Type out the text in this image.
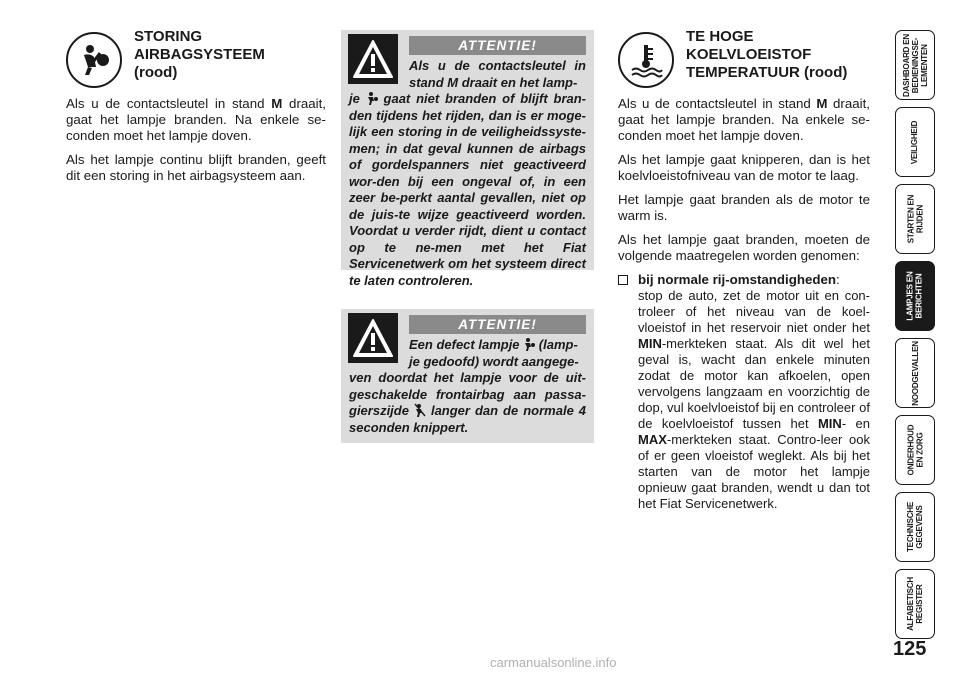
STORING
AIRBAGSYSTEEM
(rood)

Als u de contactsleutel in stand M draait, gaat het lampje branden. Na enkele se-conden moet het lampje doven.

Als het lampje continu blijft branden, geeft dit een storing in het airbagsysteem aan.

ATTENTIE!
Als u de contactsleutel in stand M draait en het lamp-
je  gaat niet branden of blijft bran-den tijdens het rijden, dan is er moge-lijk een storing in de veiligheidssyste-men; in dat geval kunnen de airbags of gordelspanners niet geactiveerd wor-den bij een ongeval of, in een zeer be-perkt aantal gevallen, niet op de juis-te wijze geactiveerd worden. Voordat u verder rijdt, dient u contact op te ne-men met het Fiat Servicenetwerk om het systeem direct te laten controleren.
ATTENTIE!
Een defect lampje  (lamp-
je gedoofd) wordt aangege-
ven doordat het lampje voor de uit-geschakelde frontairbag aan passa-gierszijde  langer dan de normale 4 seconden knippert.
TE HOGE
KOELVLOEISTOF
TEMPERATUUR (rood)

Als u de contactsleutel in stand M draait, gaat het lampje branden. Na enkele se-conden moet het lampje doven.

Als het lampje gaat knipperen, dan is het koelvloeistofniveau van de motor te laag.

Het lampje gaat branden als de motor te warm is.

Als het lampje gaat branden, moeten de volgende maatregelen worden genomen:

bij normale rij-omstandigheden:
stop de auto, zet de motor uit en con-troleer of het niveau van de koel-vloeistof in het reservoir niet onder het MIN-merkteken staat. Als dit wel het geval is, wacht dan enkele minuten zodat de motor kan afkoelen, open vervolgens langzaam en voorzichtig de dop, vul koelvloeistof bij en controleer of de koelvloeistof tussen het MIN- en MAX-merkteken staat. Contro-leer ook of er geen vloeistof weglekt. Als bij het starten van de motor het lampje opnieuw gaat branden, wendt u dan tot het Fiat Servicenetwerk.
DASHBOARD EN BEDIENINGSE- LEMENTEN
VEILIGHEID
STARTEN EN RIJDEN
LAMPJES EN BERICHTEN
NOODGEVALLEN
ONDERHOUD EN ZORG
TECHNISCHE GEGEVENS
ALFABETISCH REGISTER
125
carmanualsonline.info
